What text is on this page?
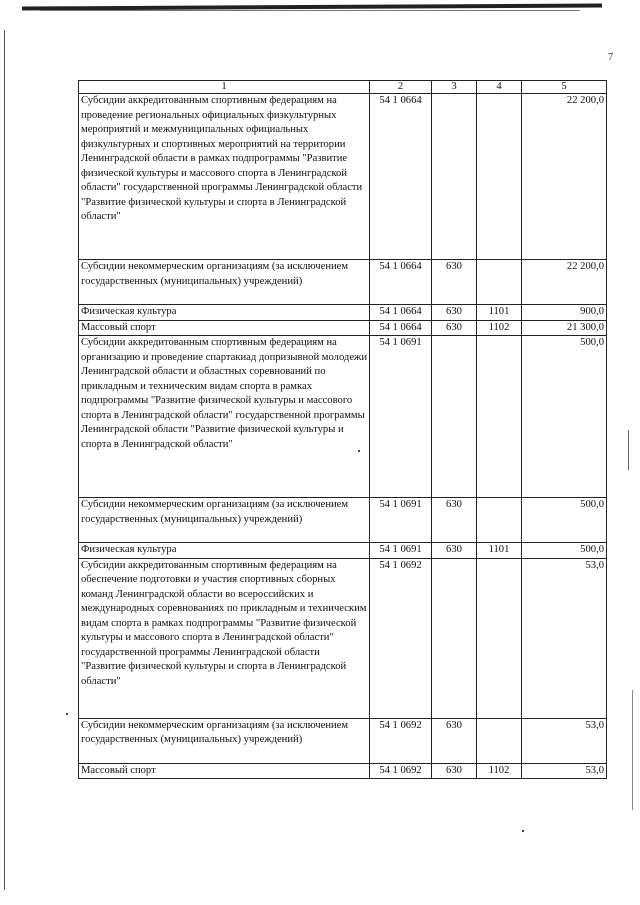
7
1	2	3	4	5
Субсидии аккредитованным спортивным федерациям на проведение региональных официальных физкультурных мероприятий и межмуниципальных официальных физкультурных и спортивных мероприятий на территории Ленинградской области в рамках подпрограммы "Развитие физической культуры и массового спорта в Ленинградской области" государственной программы Ленинградской области "Развитие физической культуры и спорта в Ленинградской области"	54 1 0664			22 200,0
Субсидии некоммерческим организациям (за исключением государственных (муниципальных) учреждений)	54 1 0664	630		22 200,0
Физическая культура	54 1 0664	630	1101	900,0
Массовый спорт	54 1 0664	630	1102	21 300,0
Субсидии аккредитованным спортивным федерациям на организацию и проведение спартакиад допризывной молодежи Ленинградской области и областных соревнований по прикладным и техническим видам спорта в рамках подпрограммы "Развитие физической культуры и массового спорта в Ленинградской области" государственной программы Ленинградской области "Развитие физической культуры и спорта в Ленинградской области"	54 1 0691			500,0
Субсидии некоммерческим организациям (за исключением государственных (муниципальных) учреждений)	54 1 0691	630		500,0
Физическая культура	54 1 0691	630	1101	500,0
Субсидии аккредитованным спортивным федерациям на обеспечение подготовки и участия спортивных сборных команд Ленинградской области во всероссийских и международных соревнованиях по прикладным и техническим видам спорта в рамках подпрограммы "Развитие физической культуры и массового спорта в Ленинградской области" государственной программы Ленинградской области "Развитие физической культуры и спорта в Ленинградской области"	54 1 0692			53,0
Субсидии некоммерческим организациям (за исключением государственных (муниципальных) учреждений)	54 1 0692	630		53,0
Массовый спорт	54 1 0692	630	1102	53,0
